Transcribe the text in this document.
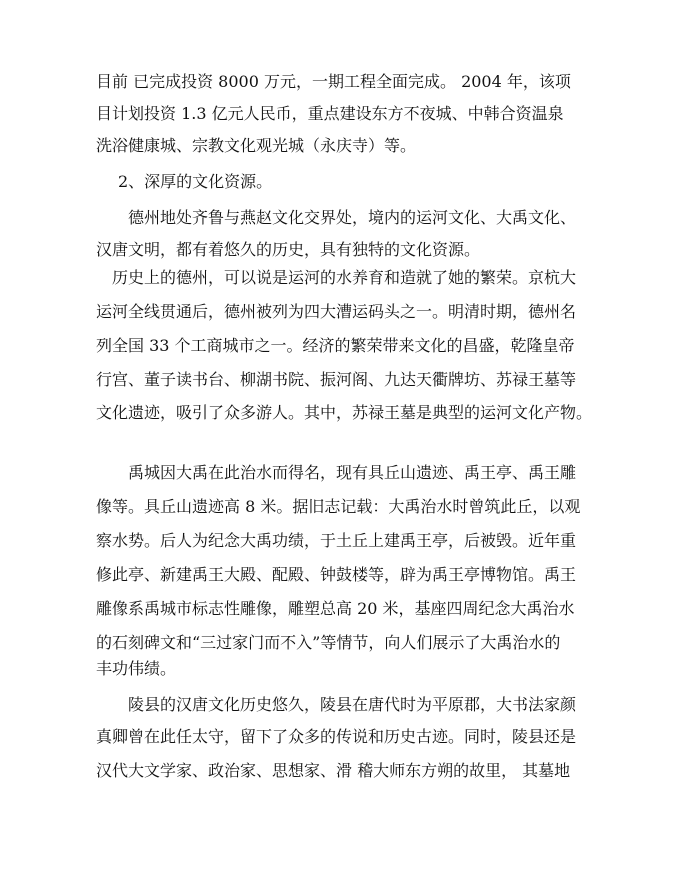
目前 已完成投资 8000 万元，一期工程全面完成。 2004 年，该项
目计划投资 1.3 亿元人民币，重点建设东方不夜城、中韩合资温泉
洗浴健康城、宗教文化观光城（永庆寺）等。
2、深厚的文化资源。
德州地处齐鲁与燕赵文化交界处，境内的运河文化、大禹文化、
汉唐文明，都有着悠久的历史，具有独特的文化资源。
历史上的德州，可以说是运河的水养育和造就了她的繁荣。京杭大
运河全线贯通后，德州被列为四大漕运码头之一。明清时期，德州名
列全国 33 个工商城市之一。经济的繁荣带来文化的昌盛，乾隆皇帝
行宫、董子读书台、柳湖书院、振河阁、九达天衢牌坊、苏禄王墓等
文化遗迹，吸引了众多游人。其中，苏禄王墓是典型的运河文化产物。
禹城因大禹在此治水而得名，现有具丘山遗迹、禹王亭、禹王雕
像等。具丘山遗迹高 8 米。据旧志记载：大禹治水时曾筑此丘，以观
察水势。后人为纪念大禹功绩，于土丘上建禹王亭，后被毁。近年重
修此亭、新建禹王大殿、配殿、钟鼓楼等，辟为禹王亭博物馆。禹王
雕像系禹城市标志性雕像，雕塑总高 20 米，基座四周纪念大禹治水
的石刻碑文和“三过家门而不入”等情节，向人们展示了大禹治水的
丰功伟绩。
陵县的汉唐文化历史悠久，陵县在唐代时为平原郡，大书法家颜
真卿曾在此任太守，留下了众多的传说和历史古迹。同时，陵县还是
汉代大文学家、政治家、思想家、滑 稽大师东方朔的故里， 其墓地
